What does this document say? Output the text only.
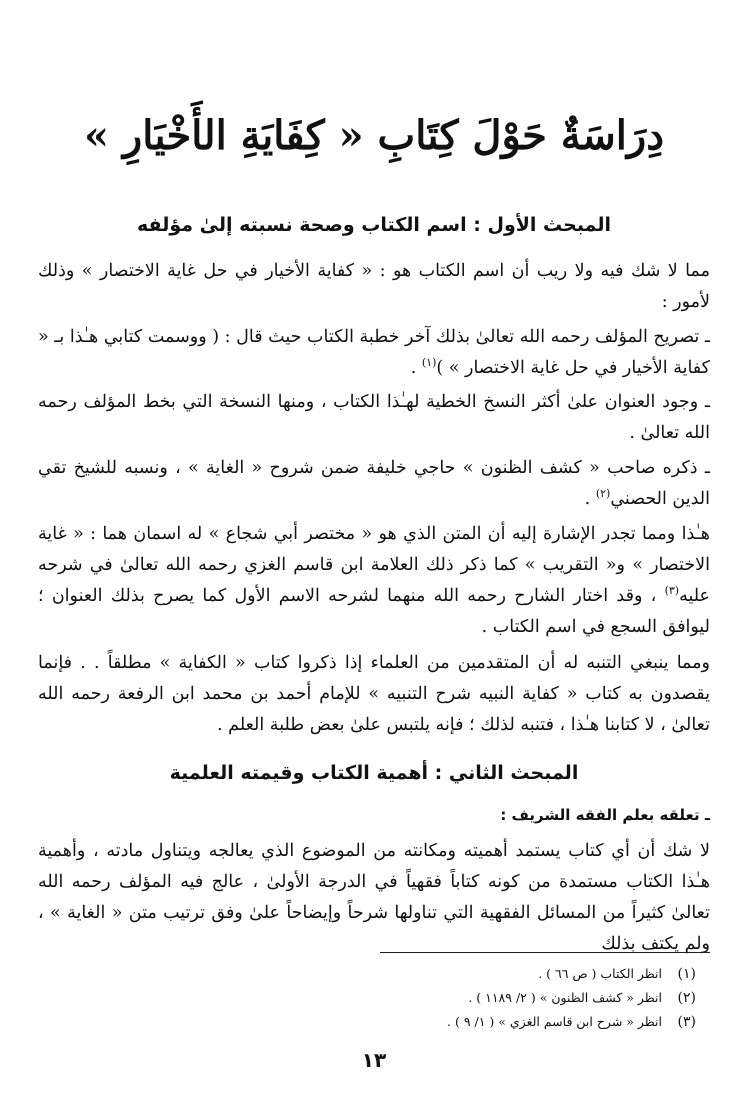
دِرَاسَةٌ حَوْلَ كِتَابِ « كِفَايَةِ الأَخْيَارِ »
المبحث الأول : اسم الكتاب وصحة نسبته إلىٰ مؤلفه
مما لا شك فيه ولا ريب أن اسم الكتاب هو : « كفاية الأخيار في حل غاية الاختصار » وذلك لأمور :
ـ تصريح المؤلف رحمه الله تعالىٰ بذلك آخر خطبة الكتاب حيث قال : ( ووسمت كتابي هـٰذا بـ « كفاية الأخيار في حل غاية الاختصار » )$^{(١)}$ .
ـ وجود العنوان علىٰ أكثر النسخ الخطية لهـٰذا الكتاب ، ومنها النسخة التي بخط المؤلف رحمه الله تعالىٰ .
ـ ذكره صاحب « كشف الظنون » حاجي خليفة ضمن شروح « الغاية » ، ونسبه للشيخ تقي الدين الحصني$^{(٢)}$ .
هـٰذا ومما تجدر الإشارة إليه أن المتن الذي هو « مختصر أبي شجاع » له اسمان هما : « غاية الاختصار » و« التقريب » كما ذكر ذلك العلامة ابن قاسم الغزي رحمه الله تعالىٰ في شرحه عليه$^{(٣)}$ ، وقد اختار الشارح رحمه الله منهما لشرحه الاسم الأول كما يصرح بذلك العنوان ؛ ليوافق السجع في اسم الكتاب .
ومما ينبغي التنبه له أن المتقدمين من العلماء إذا ذكروا كتاب « الكفاية » مطلقاً . . فإنما يقصدون به كتاب « كفاية النبيه شرح التنبيه » للإمام أحمد بن محمد ابن الرفعة رحمه الله تعالىٰ ، لا كتابنا هـٰذا ، فتنبه لذلك ؛ فإنه يلتبس علىٰ بعض طلبة العلم .
المبحث الثاني : أهمية الكتاب وقيمته العلمية
ـ تعلقه بعلم الفقه الشريف :
لا شك أن أي كتاب يستمد أهميته ومكانته من الموضوع الذي يعالجه ويتناول مادته ، وأهمية هـٰذا الكتاب مستمدة من كونه كتاباً فقهياً في الدرجة الأولىٰ ، عالج فيه المؤلف رحمه الله تعالىٰ كثيراً من المسائل الفقهية التي تناولها شرحاً وإيضاحاً علىٰ وفق ترتيب متن « الغاية » ، ولم يكتف بذلك
(١)انظر الكتاب ( ص ٦٦ ) .
(٢)انظر « كشف الظنون » ( ٢/ ١١٨٩ ) .
(٣)انظر « شرح ابن قاسم الغزي » ( ١/ ٩ ) .
١٣
